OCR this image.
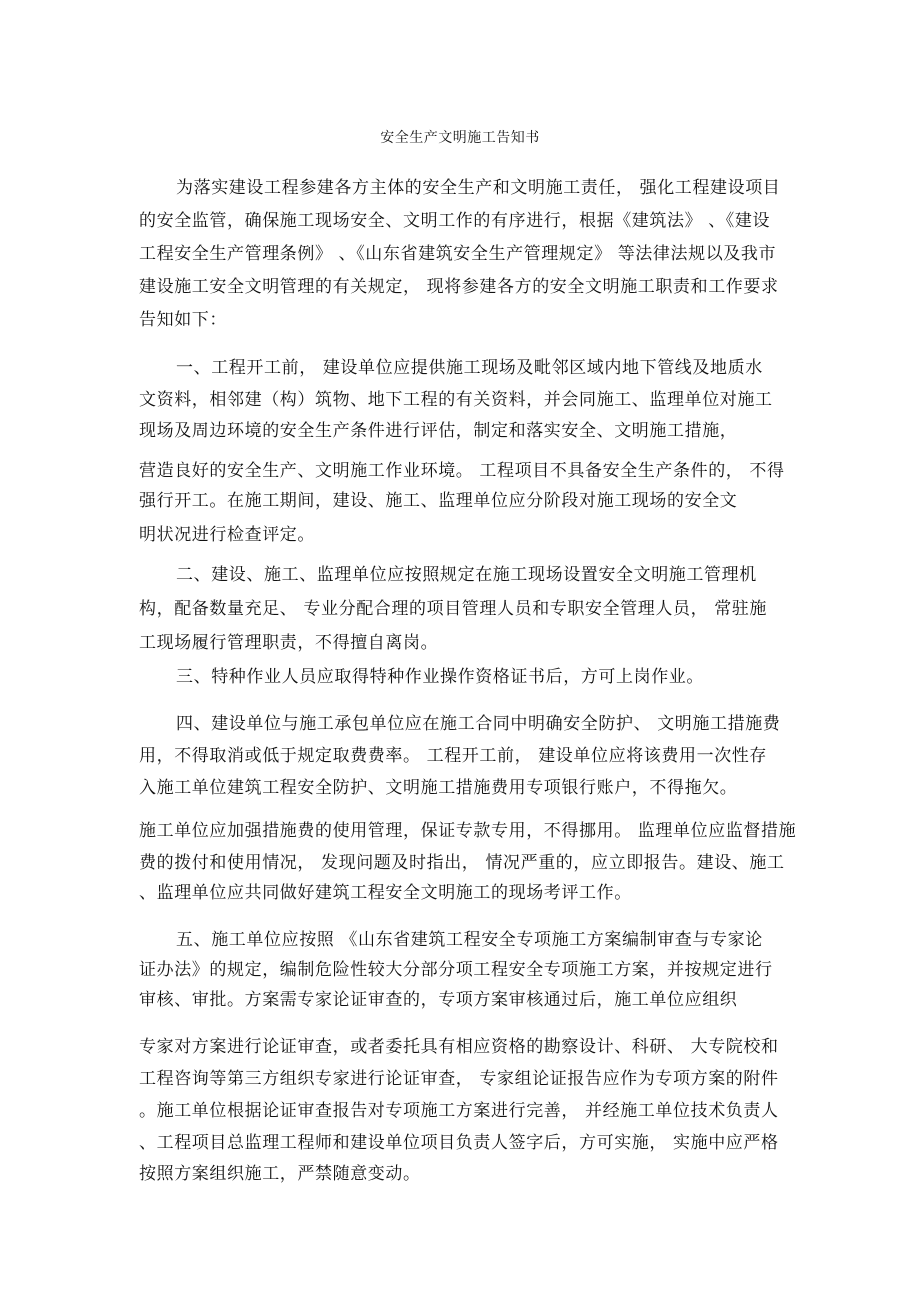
安全生产文明施工告知书
为落实建设工程参建各方主体的安全生产和文明施工责任， 强化工程建设项目
的安全监管，确保施工现场安全、文明工作的有序进行，根据《建筑法》 、《建设
工程安全生产管理条例》 、《山东省建筑安全生产管理规定》 等法律法规以及我市
建设施工安全文明管理的有关规定， 现将参建各方的安全文明施工职责和工作要求
告知如下：
一、工程开工前， 建设单位应提供施工现场及毗邻区域内地下管线及地质水
文资料，相邻建（构）筑物、地下工程的有关资料，并会同施工、监理单位对施工
现场及周边环境的安全生产条件进行评估，制定和落实安全、文明施工措施，
营造良好的安全生产、文明施工作业环境。 工程项目不具备安全生产条件的， 不得
强行开工。在施工期间，建设、施工、监理单位应分阶段对施工现场的安全文
明状况进行检查评定。
二、建设、施工、监理单位应按照规定在施工现场设置安全文明施工管理机
构，配备数量充足、 专业分配合理的项目管理人员和专职安全管理人员， 常驻施
工现场履行管理职责，不得擅自离岗。
三、特种作业人员应取得特种作业操作资格证书后，方可上岗作业。
四、建设单位与施工承包单位应在施工合同中明确安全防护、 文明施工措施费
用，不得取消或低于规定取费费率。 工程开工前， 建设单位应将该费用一次性存
入施工单位建筑工程安全防护、文明施工措施费用专项银行账户，不得拖欠。
施工单位应加强措施费的使用管理，保证专款专用，不得挪用。 监理单位应监督措施
费的拨付和使用情况， 发现问题及时指出， 情况严重的，应立即报告。建设、施工
、监理单位应共同做好建筑工程安全文明施工的现场考评工作。
五、施工单位应按照 《山东省建筑工程安全专项施工方案编制审查与专家论
证办法》的规定，编制危险性较大分部分项工程安全专项施工方案，并按规定进行
审核、审批。方案需专家论证审查的，专项方案审核通过后，施工单位应组织
专家对方案进行论证审查，或者委托具有相应资格的勘察设计、科研、 大专院校和
工程咨询等第三方组织专家进行论证审查， 专家组论证报告应作为专项方案的附件
。施工单位根据论证审查报告对专项施工方案进行完善， 并经施工单位技术负责人
、工程项目总监理工程师和建设单位项目负责人签字后，方可实施， 实施中应严格
按照方案组织施工，严禁随意变动。
